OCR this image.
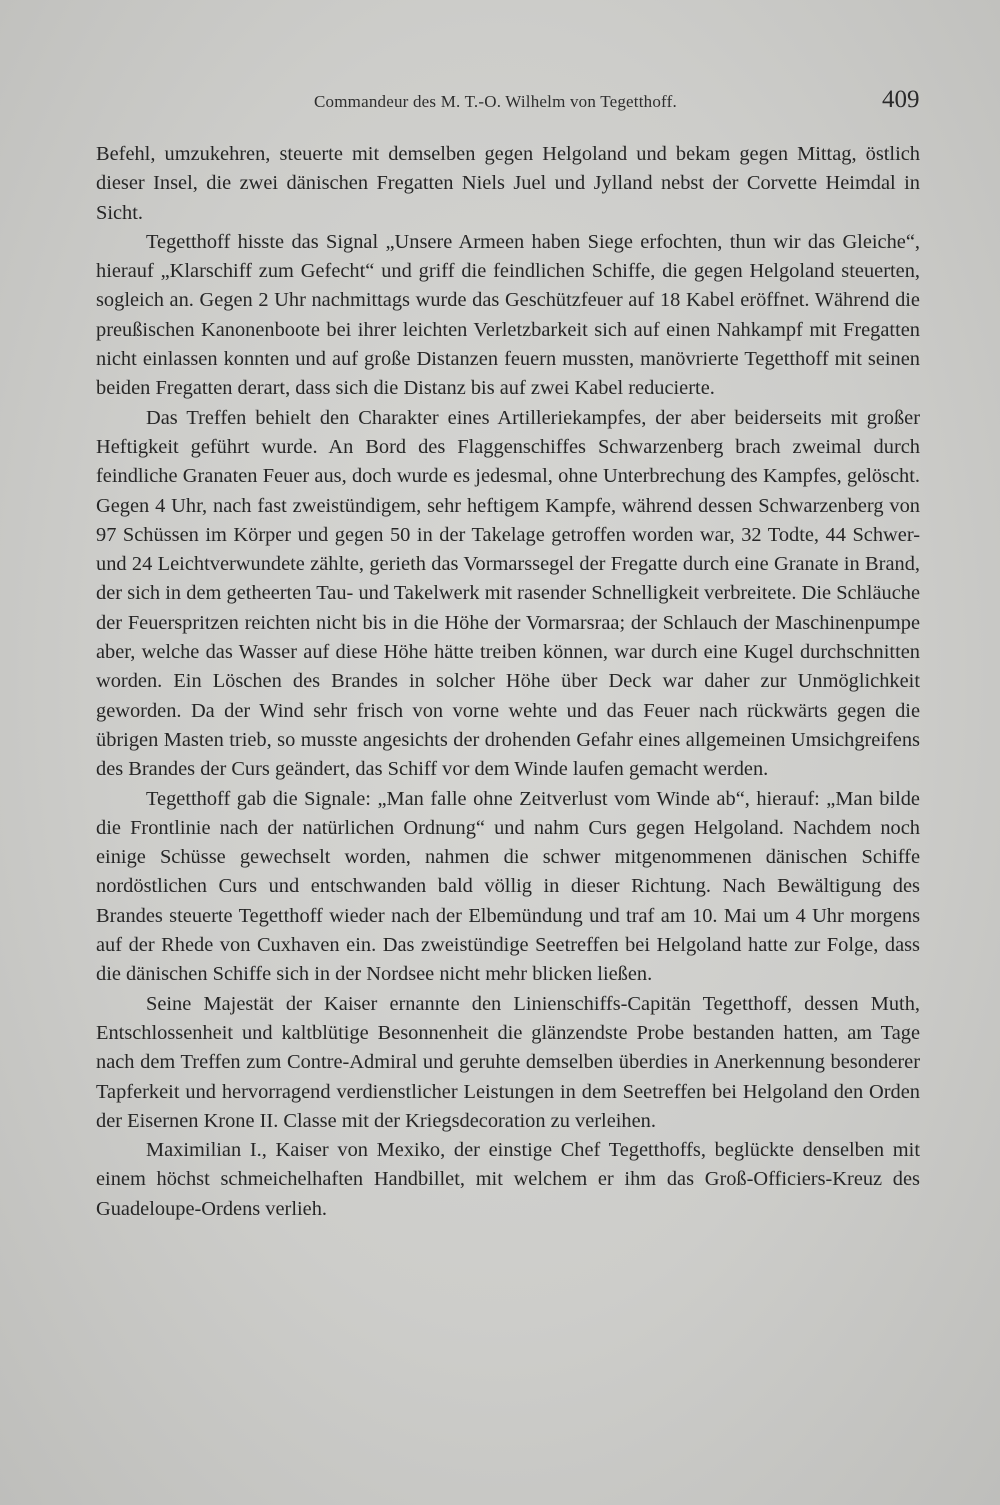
Commandeur des M. T.-O. Wilhelm von Tegetthoff.	409

Befehl, umzukehren, steuerte mit demselben gegen Helgoland und bekam gegen Mittag, östlich dieser Insel, die zwei dänischen Fregatten Niels Juel und Jylland nebst der Corvette Heimdal in Sicht.

Tegetthoff hisste das Signal „Unsere Armeen haben Siege erfochten, thun wir das Gleiche“, hierauf „Klarschiff zum Gefecht“ und griff die feindlichen Schiffe, die gegen Helgoland steuerten, sogleich an. Gegen 2 Uhr nachmittags wurde das Geschützfeuer auf 18 Kabel eröffnet. Während die preußischen Kanonenboote bei ihrer leichten Verletzbarkeit sich auf einen Nahkampf mit Fregatten nicht einlassen konnten und auf große Distanzen feuern mussten, manövrierte Tegetthoff mit seinen beiden Fregatten derart, dass sich die Distanz bis auf zwei Kabel reducierte.

Das Treffen behielt den Charakter eines Artilleriekampfes, der aber beiderseits mit großer Heftigkeit geführt wurde. An Bord des Flaggenschiffes Schwarzenberg brach zweimal durch feindliche Granaten Feuer aus, doch wurde es jedesmal, ohne Unterbrechung des Kampfes, gelöscht. Gegen 4 Uhr, nach fast zweistündigem, sehr heftigem Kampfe, während dessen Schwarzenberg von 97 Schüssen im Körper und gegen 50 in der Takelage getroffen worden war, 32 Todte, 44 Schwer- und 24 Leichtverwundete zählte, gerieth das Vormarssegel der Fregatte durch eine Granate in Brand, der sich in dem getheerten Tau- und Takelwerk mit rasender Schnelligkeit verbreitete. Die Schläuche der Feuerspritzen reichten nicht bis in die Höhe der Vormarsraa; der Schlauch der Maschinenpumpe aber, welche das Wasser auf diese Höhe hätte treiben können, war durch eine Kugel durchschnitten worden. Ein Löschen des Brandes in solcher Höhe über Deck war daher zur Unmöglichkeit geworden. Da der Wind sehr frisch von vorne wehte und das Feuer nach rückwärts gegen die übrigen Masten trieb, so musste angesichts der drohenden Gefahr eines allgemeinen Umsichgreifens des Brandes der Curs geändert, das Schiff vor dem Winde laufen gemacht werden.

Tegetthoff gab die Signale: „Man falle ohne Zeitverlust vom Winde ab“, hierauf: „Man bilde die Frontlinie nach der natürlichen Ordnung“ und nahm Curs gegen Helgoland. Nachdem noch einige Schüsse gewechselt worden, nahmen die schwer mitgenommenen dänischen Schiffe nordöstlichen Curs und entschwanden bald völlig in dieser Richtung. Nach Bewältigung des Brandes steuerte Tegetthoff wieder nach der Elbemündung und traf am 10. Mai um 4 Uhr morgens auf der Rhede von Cuxhaven ein. Das zweistündige Seetreffen bei Helgoland hatte zur Folge, dass die dänischen Schiffe sich in der Nordsee nicht mehr blicken ließen.

Seine Majestät der Kaiser ernannte den Linienschiffs-Capitän Tegetthoff, dessen Muth, Entschlossenheit und kaltblütige Besonnenheit die glänzendste Probe bestanden hatten, am Tage nach dem Treffen zum Contre-Admiral und geruhte demselben überdies in Anerkennung besonderer Tapferkeit und hervorragend verdienstlicher Leistungen in dem Seetreffen bei Helgoland den Orden der Eisernen Krone II. Classe mit der Kriegsdecoration zu verleihen.

Maximilian I., Kaiser von Mexiko, der einstige Chef Tegetthoffs, beglückte denselben mit einem höchst schmeichelhaften Handbillet, mit welchem er ihm das Groß-Officiers-Kreuz des Guadeloupe-Ordens verlieh.
